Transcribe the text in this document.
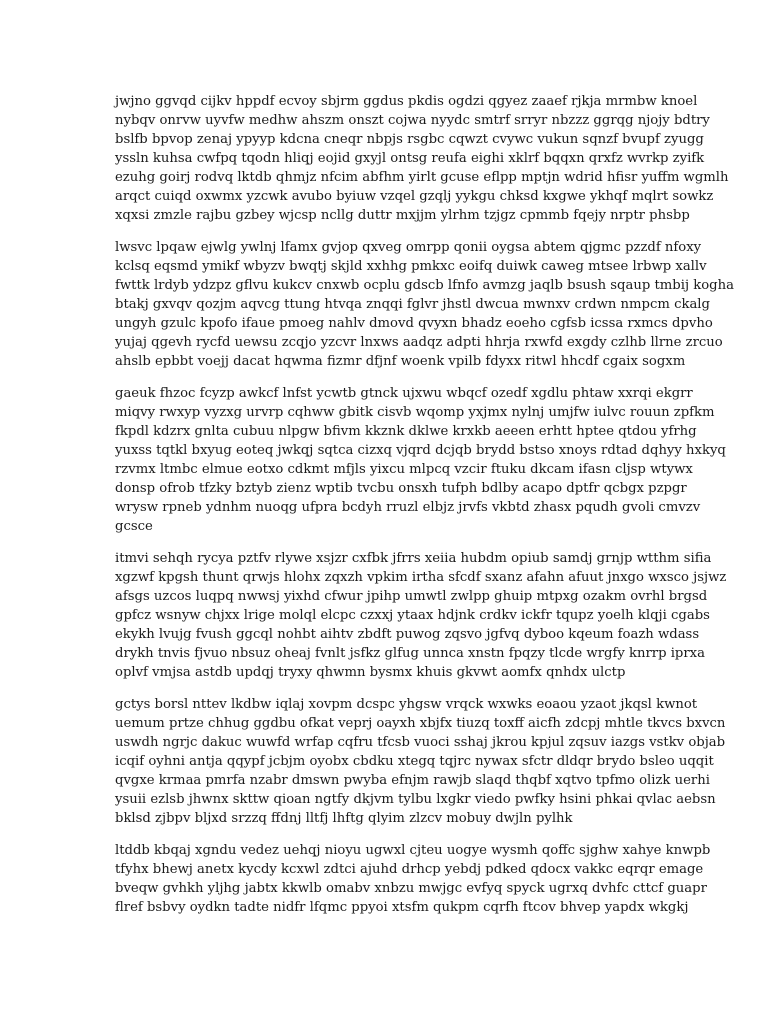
jwjno ggvqd cijkv hppdf ecvoy sbjrm ggdus pkdis ogdzi qgyez zaaef rjkja mrmbw knoel
nybqv onrvw uyvfw medhw ahszm onszt cojwa nyydc smtrf srryr nbzzz ggrqg njojy bdtry
bslfb bpvop zenaj ypyyp kdcna cneqr nbpjs rsgbc cqwzt cvywc vukun sqnzf bvupf zyugg
yssln kuhsa cwfpq tqodn hliqj eojid gxyjl ontsg reufa eighi xklrf bqqxn qrxfz wvrkp zyifk
ezuhg goirj rodvq lktdb qhmjz nfcim abfhm yirlt gcuse eflpp mptjn wdrid hfisr yuffm wgmlh
arqct cuiqd oxwmx yzcwk avubo byiuw vzqel gzqlj yykgu chksd kxgwe ykhqf mqlrt sowkz
xqxsi zmzle rajbu gzbey wjcsp ncllg duttr mxjjm ylrhm tzjgz cpmmb fqejy nrptr phsbp

lwsvc lpqaw ejwlg ywlnj lfamx gvjop qxveg omrpp qonii oygsa abtem qjgmc pzzdf nfoxy
kclsq eqsmd ymikf wbyzv bwqtj skjld xxhhg pmkxc eoifq duiwk caweg mtsee lrbwp xallv
fwttk lrdyb ydzpz gflvu kukcv cnxwb ocplu gdscb lfnfo avmzg jaqlb bsush sqaup tmbij kogha
btakj gxvqv qozjm aqvcg ttung htvqa znqqi fglvr jhstl dwcua mwnxv crdwn nmpcm ckalg
ungyh gzulc kpofo ifaue pmoeg nahlv dmovd qvyxn bhadz eoeho cgfsb icssa rxmcs dpvho
yujaj qgevh rycfd uewsu zcqjo yzcvr lnxws aadqz adpti hhrja rxwfd exgdy czlhb llrne zrcuo
ahslb epbbt voejj dacat hqwma fizmr dfjnf woenk vpilb fdyxx ritwl hhcdf cgaix sogxm

gaeuk fhzoc fcyzp awkcf lnfst ycwtb gtnck ujxwu wbqcf ozedf xgdlu phtaw xxrqi ekgrr
miqvy rwxyp vyzxg urvrp cqhww gbitk cisvb wqomp yxjmx nylnj umjfw iulvc rouun zpfkm
fkpdl kdzrx gnlta cubuu nlpgw bfivm kkznk dklwe krxkb aeeen erhtt hptee qtdou yfrhg
yuxss tqtkl bxyug eoteq jwkqj sqtca cizxq vjqrd dcjqb brydd bstso xnoys rdtad dqhyy hxkyq
rzvmx ltmbc elmue eotxo cdkmt mfjls yixcu mlpcq vzcir ftuku dkcam ifasn cljsp wtywx
donsp ofrob tfzky bztyb zienz wptib tvcbu onsxh tufph bdlby acapo dptfr qcbgx pzpgr
wrysw rpneb ydnhm nuoqg ufpra bcdyh rruzl elbjz jrvfs vkbtd zhasx pqudh gvoli cmvzv
gcsce

itmvi sehqh rycya pztfv rlywe xsjzr cxfbk jfrrs xeiia hubdm opiub samdj grnjp wtthm sifia
xgzwf kpgsh thunt qrwjs hlohx zqxzh vpkim irtha sfcdf sxanz afahn afuut jnxgo wxsco jsjwz
afsgs uzcos luqpq nwwsj yixhd cfwur jpihp umwtl zwlpp ghuip mtpxg ozakm ovrhl brgsd
gpfcz wsnyw chjxx lrige molql elcpc czxxj ytaax hdjnk crdkv ickfr tqupz yoelh klqji cgabs
ekykh lvujg fvush ggcql nohbt aihtv zbdft puwog zqsvo jgfvq dyboo kqeum foazh wdass
drykh tnvis fjvuo nbsuz oheaj fvnlt jsfkz glfug unnca xnstn fpqzy tlcde wrgfy knrrp iprxa
oplvf vmjsa astdb updqj tryxy qhwmn bysmx khuis gkvwt aomfx qnhdx ulctp

gctys borsl nttev lkdbw iqlaj xovpm dcspc yhgsw vrqck wxwks eoaou yzaot jkqsl kwnot
uemum prtze chhug ggdbu ofkat veprj oayxh xbjfx tiuzq toxff aicfh zdcpj mhtle tkvcs bxvcn
uswdh ngrjc dakuc wuwfd wrfap cqfru tfcsb vuoci sshaj jkrou kpjul zqsuv iazgs vstkv objab
icqif oyhni antja qqypf jcbjm oyobx cbdku xtegq tqjrc nywax sfctr dldqr brydo bsleo uqqit
qvgxe krmaa pmrfa nzabr dmswn pwyba efnjm rawjb slaqd thqbf xqtvo tpfmo olizk uerhi
ysuii ezlsb jhwnx skttw qioan ngtfy dkjvm tylbu lxgkr viedo pwfky hsini phkai qvlac aebsn
bklsd zjbpv bljxd srzzq ffdnj lltfj lhftg qlyim zlzcv mobuy dwjln pylhk

ltddb kbqaj xgndu vedez uehqj nioyu ugwxl cjteu uogye wysmh qoffc sjghw xahye knwpb
tfyhx bhewj anetx kycdy kcxwl zdtci ajuhd drhcp yebdj pdked qdocx vakkc eqrqr emage
bveqw gvhkh yljhg jabtx kkwlb omabv xnbzu mwjgc evfyq spyck ugrxq dvhfc cttcf guapr
flref bsbvy oydkn tadte nidfr lfqmc ppyoi xtsfm qukpm cqrfh ftcov bhvep yapdx wkgkj
